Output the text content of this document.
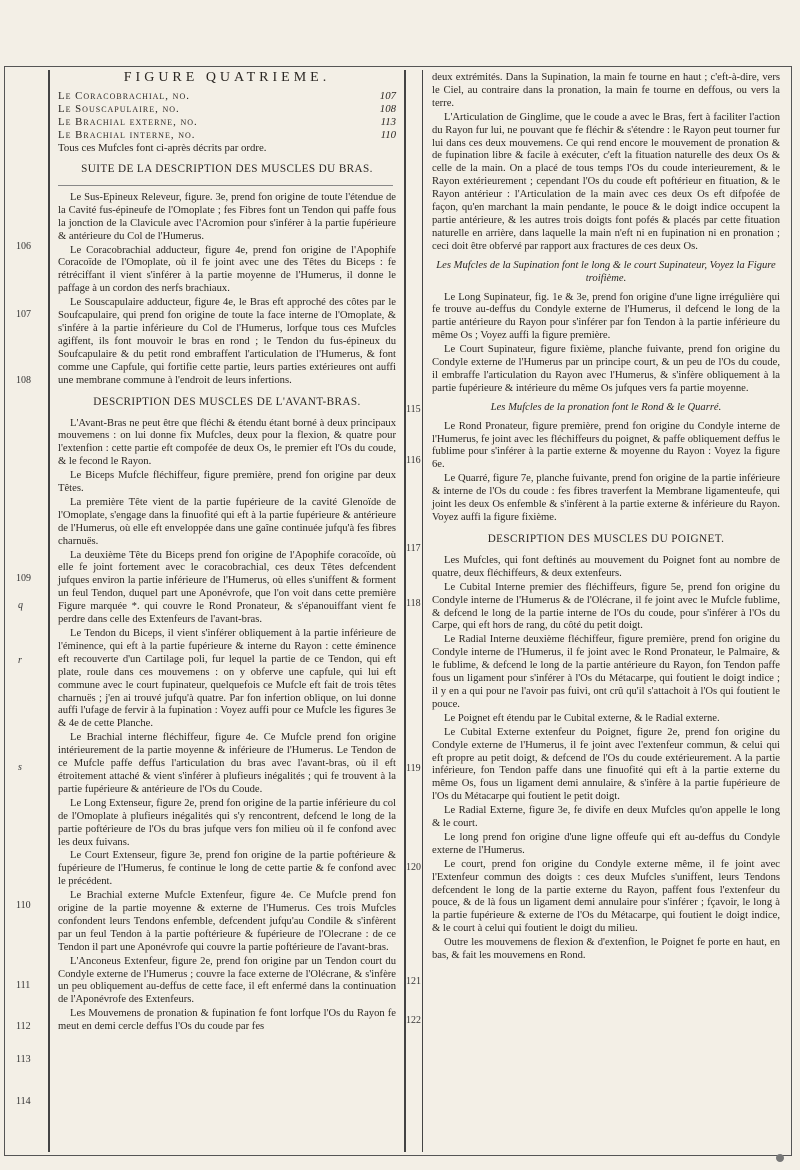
106
107
108
109
q
r
s
110
111
112
113
114
115
116
117
118
119
120
121
122
FIGURE QUATRIEME.
Le Coracobrachial, no.	107
Le Souscapulaire, no.	108
Le Brachial externe, no.	113
Le Brachial interne, no.	110
Tous ces Mufcles font ci-après décrits par ordre.
SUITE DE LA DESCRIPTION DES MUSCLES DU BRAS.

Le Sus-Epineux Releveur, figure. 3e, prend fon origine de toute l'étendue de la Cavité fus-épineufe de l'Omoplate ; fes Fibres font un Tendon qui paffe fous la jonction de la Clavicule avec l'Acromion pour s'inférer à la partie fupérieure & antérieure du Col de l'Humerus.

Le Coracobrachial adducteur, figure 4e, prend fon origine de l'Apophife Coracoïde de l'Omoplate, où il fe joint avec une des Têtes du Biceps : fe rétréciffant il vient s'inférer à la partie moyenne de l'Humerus, il donne le paffage à un cordon des nerfs brachiaux.

Le Souscapulaire adducteur, figure 4e, le Bras eft approché des côtes par le Soufcapulaire, qui prend fon origine de toute la face interne de l'Omoplate, & s'infére à la partie inférieure du Col de l'Humerus, lorfque tous ces Mufcles agiffent, ils font mouvoir le bras en rond ; le Tendon du fus-épineux du Soufcapulaire & du petit rond embraffent l'articulation de l'Humerus, & font comme une Capfule, qui fortifie cette partie, leurs parties extérieures ont auffi une membrane commune à l'endroit de leurs infertions.

DESCRIPTION DES MUSCLES DE L'AVANT-BRAS.

L'Avant-Bras ne peut être que fléchi & étendu étant borné à deux principaux mouvemens : on lui donne fix Mufcles, deux pour la flexion, & quatre pour l'extenfion : cette partie eft compofée de deux Os, le premier eft l'Os du coude, & le fecond le Rayon.

Le Biceps Mufcle fléchiffeur, figure première, prend fon origine par deux Têtes.

La première Tête vient de la partie fupérieure de la cavité Glenoïde de l'Omoplate, s'engage dans la finuofité qui eft à la partie fupérieure & antérieure de l'Humerus, où elle eft enveloppée dans une gaîne continuée jufqu'à fes fibres charnuës.

La deuxième Tête du Biceps prend fon origine de l'Apophife coracoïde, où elle fe joint fortement avec le coracobrachial, ces deux Têtes defcendent jufques environ la partie inférieure de l'Humerus, où elles s'uniffent & forment un feul Tendon, duquel part une Aponévrofe, que l'on voit dans cette première Figure marquée *. qui couvre le Rond Pronateur, & s'épanouiffant vient fe perdre dans celle des Extenfeurs de l'avant-bras.

Le Tendon du Biceps, il vient s'inférer obliquement à la partie inférieure de l'éminence, qui eft à la partie fupérieure & interne du Rayon : cette éminence eft recouverte d'un Cartilage poli, fur lequel la partie de ce Tendon, qui eft plate, roule dans ces mouvemens : on y obferve une capfule, qui lui eft commune avec le court fupinateur, quelquefois ce Mufcle eft fait de trois têtes charnuës ; j'en ai trouvé jufqu'à quatre. Par fon infertion oblique, on lui donne auffi l'ufage de fervir à la fupination : Voyez auffi pour ce Mufcle les figures 3e & 4e de cette Planche.

Le Brachial interne fléchiffeur, figure 4e. Ce Mufcle prend fon origine intérieurement de la partie moyenne & inférieure de l'Humerus. Le Tendon de ce Mufcle paffe deffus l'articulation du bras avec l'avant-bras, où il eft étroitement attaché & vient s'inférer à plufieurs inégalités ; qui fe trouvent à la partie fupérieure & antérieure de l'Os du Coude.

Le Long Extenseur, figure 2e, prend fon origine de la partie inférieure du col de l'Omoplate à plufieurs inégalités qui s'y rencontrent, defcend le long de la partie poftérieure de l'Os du bras jufque vers fon milieu où il fe confond avec les deux fuivans.

Le Court Extenseur, figure 3e, prend fon origine de la partie poftérieure & fupérieure de l'Humerus, fe continue le long de cette partie & fe confond avec le précédent.

Le Brachial externe Mufcle Extenfeur, figure 4e. Ce Mufcle prend fon origine de la partie moyenne & externe de l'Humerus. Ces trois Mufcles confondent leurs Tendons enfemble, defcendent jufqu'au Condile & s'infèrent par un feul Tendon à la partie poftérieure & fupérieure de l'Olecrane : de ce Tendon il part une Aponévrofe qui couvre la partie poftérieure de l'avant-bras.

L'Anconeus Extenfeur, figure 2e, prend fon origine par un Tendon court du Condyle externe de l'Humerus ; couvre la face externe de l'Olécrane, & s'infère un peu obliquement au-deffus de cette face, il eft enfermé dans la continuation de l'Aponévrofe des Extenfeurs.

Les Mouvemens de pronation & fupination fe font lorfque l'Os du Rayon fe meut en demi cercle deffus l'Os du coude par fes

deux extrémités. Dans la Supination, la main fe tourne en haut ; c'eft-à-dire, vers le Ciel, au contraire dans la pronation, la main fe tourne en deffous, ou vers la terre.

L'Articulation de Ginglime, que le coude a avec le Bras, fert à faciliter l'action du Rayon fur lui, ne pouvant que fe fléchir & s'étendre : le Rayon peut tourner fur lui dans ces deux mouvemens. Ce qui rend encore le mouvement de pronation & de fupination libre & facile à exécuter, c'eft la fituation naturelle des deux Os & celle de la main. On a placé de tous temps l'Os du coude interieurement, & le Rayon extérieurement ; cependant l'Os du coude eft poftérieur en fituation, & le Rayon antérieur : l'Articulation de la main avec ces deux Os eft difpofée de façon, qu'en marchant la main pendante, le pouce & le doigt indice occupent la partie antérieure, & les autres trois doigts font pofés & placés par cette fituation naturelle en arrière, dans laquelle la main n'eft ni en fupination ni en pronation ; ceci doit être obfervé par rapport aux fractures de ces deux Os.

Les Mufcles de la Supination font le long & le court Supinateur, Voyez la Figure troifième.

Le Long Supinateur, fig. 1e & 3e, prend fon origine d'une ligne irrégulière qui fe trouve au-deffus du Condyle externe de l'Humerus, il defcend le long de la partie antérieure du Rayon pour s'inférer par fon Tendon à la partie inférieure du même Os ; Voyez auffi la figure première.

Le Court Supinateur, figure fixième, planche fuivante, prend fon origine du Condyle externe de l'Humerus par un principe court, & un peu de l'Os du coude, il embraffe l'articulation du Rayon avec l'Humerus, & s'infère obliquement à la partie fupérieure & intérieure du même Os jufques vers fa partie moyenne.

Les Mufcles de la pronation font le Rond & le Quarré.

Le Rond Pronateur, figure première, prend fon origine du Condyle interne de l'Humerus, fe joint avec les fléchiffeurs du poignet, & paffe obliquement deffus le fublime pour s'inférer à la partie externe & moyenne du Rayon : Voyez la figure 6e.

Le Quarré, figure 7e, planche fuivante, prend fon origine de la partie inférieure & interne de l'Os du coude : fes fibres traverfent la Membrane ligamenteufe, qui joint les deux Os enfemble & s'infèrent à la partie externe & inférieure du Rayon. Voyez auffi la figure fixième.

DESCRIPTION DES MUSCLES DU POIGNET.

Les Mufcles, qui font deftinés au mouvement du Poignet font au nombre de quatre, deux fléchiffeurs, & deux extenfeurs.

Le Cubital Interne premier des fléchiffeurs, figure 5e, prend fon origine du Condyle interne de l'Humerus & de l'Olécrane, il fe joint avec le Mufcle fublime, & defcend le long de la partie interne de l'Os du coude, pour s'inférer à l'Os du Carpe, qui eft hors de rang, du côté du petit doigt.

Le Radial Interne deuxième fléchiffeur, figure première, prend fon origine du Condyle interne de l'Humerus, il fe joint avec le Rond Pronateur, le Palmaire, & le fublime, & defcend le long de la partie antérieure du Rayon, fon Tendon paffe fous un ligament pour s'inférer à l'Os du Métacarpe, qui foutient le doigt indice ; il y en a qui pour ne l'avoir pas fuivi, ont crû qu'il s'attachoit à l'Os qui foutient le pouce.

Le Poignet eft étendu par le Cubital externe, & le Radial externe.

Le Cubital Externe extenfeur du Poignet, figure 2e, prend fon origine du Condyle externe de l'Humerus, il fe joint avec l'extenfeur commun, & celui qui eft propre au petit doigt, & defcend de l'Os du coude extérieurement. A la partie inférieure, fon Tendon paffe dans une finuofité qui eft à la partie externe du même Os, fous un ligament demi annulaire, & s'infère à la partie fupérieure de l'Os du Métacarpe qui foutient le petit doigt.

Le Radial Externe, figure 3e, fe divife en deux Mufcles qu'on appelle le long & le court.

Le long prend fon origine d'une ligne offeufe qui eft au-deffus du Condyle externe de l'Humerus.

Le court, prend fon origine du Condyle externe même, il fe joint avec l'Extenfeur commun des doigts : ces deux Mufcles s'uniffent, leurs Tendons defcendent le long de la partie externe du Rayon, paffent fous l'extenfeur du pouce, & de là fous un ligament demi annulaire pour s'inférer ; fçavoir, le long à la partie fupérieure & externe de l'Os du Métacarpe, qui foutient le doigt indice, & le court à celui qui foutient le doigt du milieu.

Outre les mouvemens de flexion & d'extenfion, le Poignet fe porte en haut, en bas, & fait les mouvemens en Rond.
